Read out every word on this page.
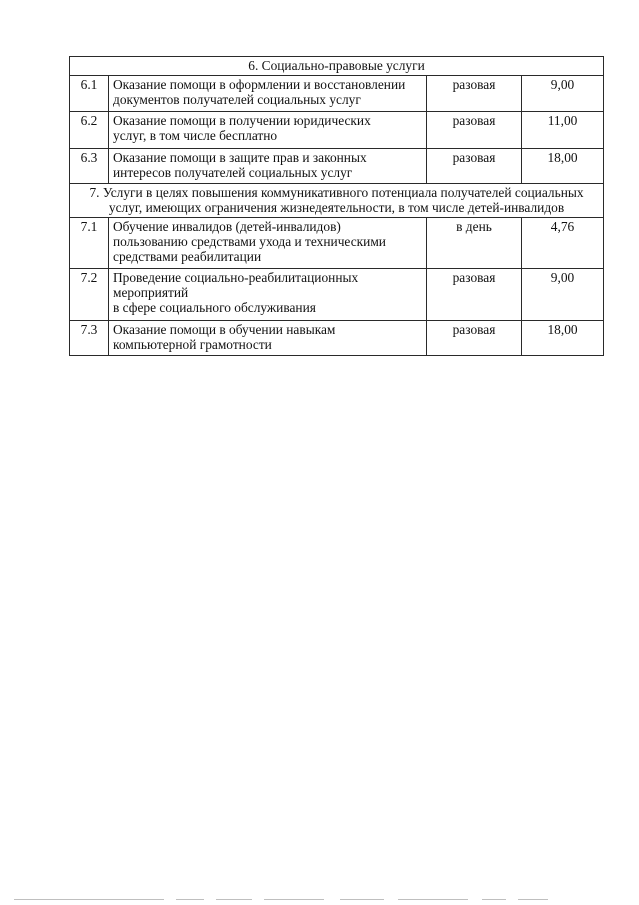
6. Социально-правовые услуги			
6.1	Оказание помощи в оформлении и восстановлении
документов получателей социальных услуг	разовая	9,00
6.2	Оказание помощи в получении юридических
услуг, в том числе бесплатно	разовая	11,00
6.3	Оказание помощи в защите прав и законных
интересов получателей социальных услуг	разовая	18,00

7. Услуги в целях повышения коммуникативного потенциала получателей социальных
услуг, имеющих ограничения жизнедеятельности, в том числе детей-инвалидов			

7.1	Обучение инвалидов (детей-инвалидов)
пользованию средствами ухода и техническими
средствами реабилитации	в день	4,76
7.2	Проведение социально-реабилитационных
мероприятий
в сфере социального обслуживания	разовая	9,00
7.3	Оказание помощи в обучении навыкам
компьютерной грамотности	разовая	18,00
